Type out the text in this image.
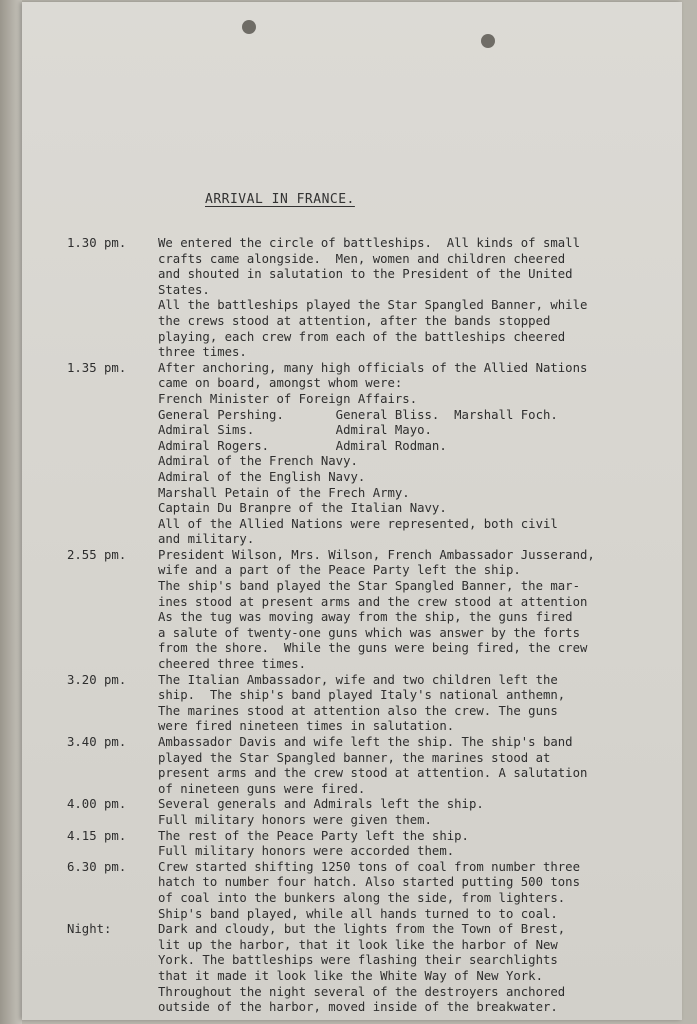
ARRIVAL IN FRANCE.
1.30 pm.	We entered the circle of battleships.  All kinds of small
crafts came alongside.  Men, women and children cheered
and shouted in salutation to the President of the United
States.
All the battleships played the Star Spangled Banner, while
the crews stood at attention, after the bands stopped
playing, each crew from each of the battleships cheered
three times.
1.35 pm.	After anchoring, many high officials of the Allied Nations
came on board, amongst whom were:
French Minister of Foreign Affairs.
General Pershing.       General Bliss.  Marshall Foch.
Admiral Sims.           Admiral Mayo.
Admiral Rogers.         Admiral Rodman.
Admiral of the French Navy.
Admiral of the English Navy.
Marshall Petain of the Frech Army.
Captain Du Branpre of the Italian Navy.
All of the Allied Nations were represented, both civil
and military.
2.55 pm.	President Wilson, Mrs. Wilson, French Ambassador Jusserand,
wife and a part of the Peace Party left the ship.
The ship's band played the Star Spangled Banner, the mar-
ines stood at present arms and the crew stood at attention
As the tug was moving away from the ship, the guns fired
a salute of twenty-one guns which was answer by the forts
from the shore.  While the guns were being fired, the crew
cheered three times.
3.20 pm.	The Italian Ambassador, wife and two children left the
ship.  The ship's band played Italy's national anthemn,
The marines stood at attention also the crew. The guns
were fired nineteen times in salutation.
3.40 pm.	Ambassador Davis and wife left the ship. The ship's band
played the Star Spangled banner, the marines stood at
present arms and the crew stood at attention. A salutation
of nineteen guns were fired.
4.00 pm.	Several generals and Admirals left the ship.
Full military honors were given them.
4.15 pm.	The rest of the Peace Party left the ship.
Full military honors were accorded them.
6.30 pm.	Crew started shifting 1250 tons of coal from number three
hatch to number four hatch. Also started putting 500 tons
of coal into the bunkers along the side, from lighters.
Ship's band played, while all hands turned to to coal.
Night:	Dark and cloudy, but the lights from the Town of Brest,
lit up the harbor, that it look like the harbor of New
York. The battleships were flashing their searchlights
that it made it look like the White Way of New York.
Throughout the night several of the destroyers anchored
outside of the harbor, moved inside of the breakwater.
